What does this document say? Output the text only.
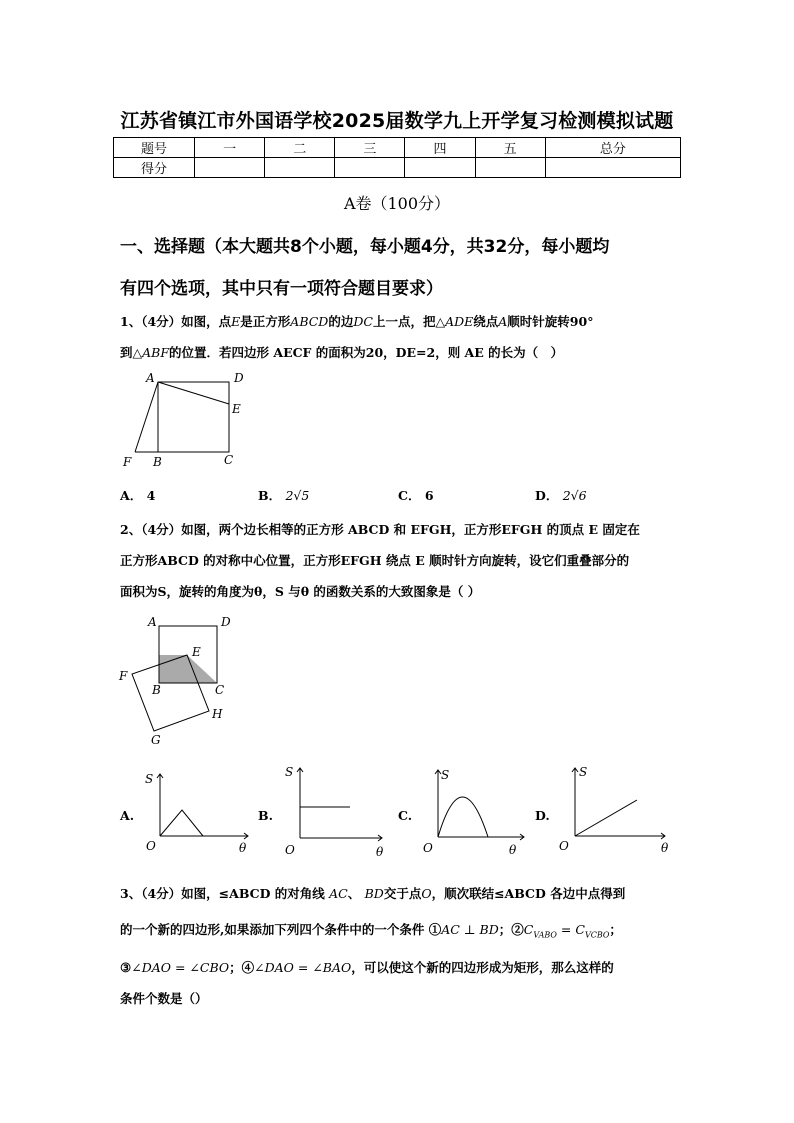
江苏省镇江市外国语学校2025届数学九上开学复习检测模拟试题
题号	一	二	三	四	五	总分
得分						
A卷（100分）
一、选择题（本大题共8个小题，每小题4分，共32分，每小题均
有四个选项，其中只有一项符合题目要求）
1、（4分）如图，点E是正方形ABCD的边DC上一点，把△ADE绕点A顺时针旋转90°
到△ABF的位置．若四边形 AECF 的面积为20，DE=2，则 AE 的长为（　）
A	D
E
F B	C
A． 4	B． 2√5	C． 6	D． 2√6
2、（4分）如图，两个边长相等的正方形 ABCD 和 EFGH，正方形EFGH 的顶点 E 固定在
正方形ABCD 的对称中心位置，正方形EFGH 绕点 E 顺时针方向旋转，设它们重叠部分的
面积为S，旋转的角度为θ，S 与θ 的函数关系的大致图象是（ ）
A	D
E
F
B	C
H
G
A.
S
θ
O
B.
S
θ
O
C.
S
θ
O
D.
S
θ
O
3、（4分）如图，≤ABCD 的对角线 AC、 BD交于点O，顺次联结≤ABCD 各边中点得到
的一个新的四边形,如果添加下列四个条件中的一个条件 ①AC ⊥ BD；$②C_{VABO} = C_{VCBO}$；
③∠DAO = ∠CBO；④∠DAO = ∠BAO，可以使这个新的四边形成为矩形，那么这样的
条件个数是（）
